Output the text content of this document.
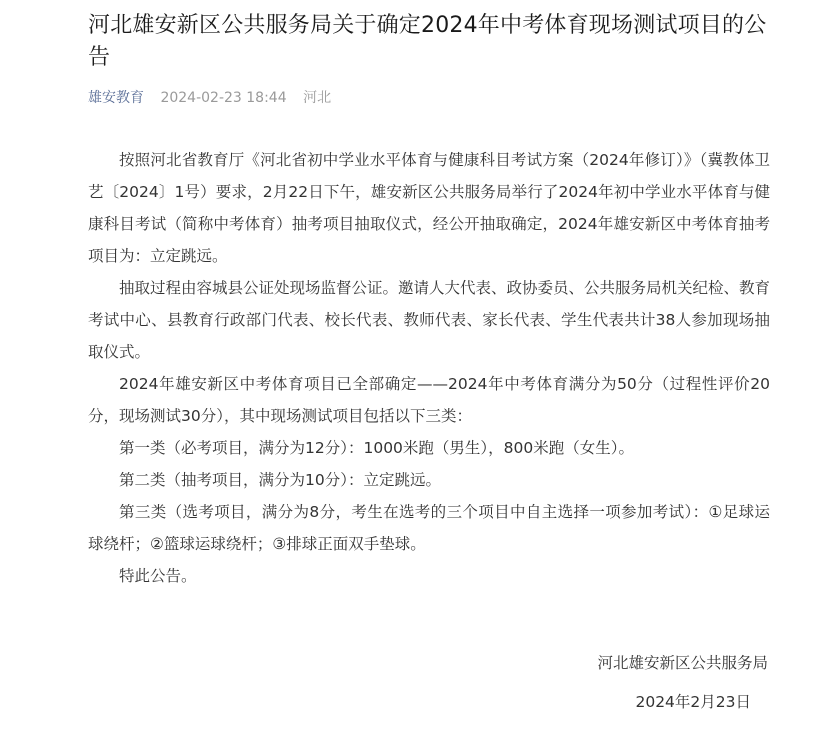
河北雄安新区公共服务局关于确定2024年中考体育现场测试项目的公告
雄安教育 2024-02-23 18:44 河北

按照河北省教育厅《河北省初中学业水平体育与健康科目考试方案（2024年修订）》（冀教体卫艺〔2024〕1号）要求，2月22日下午，雄安新区公共服务局举行了2024年初中学业水平体育与健康科目考试（简称中考体育）抽考项目抽取仪式，经公开抽取确定，2024年雄安新区中考体育抽考项目为：立定跳远。

抽取过程由容城县公证处现场监督公证。邀请人大代表、政协委员、公共服务局机关纪检、教育考试中心、县教育行政部门代表、校长代表、教师代表、家长代表、学生代表共计38人参加现场抽取仪式。

2024年雄安新区中考体育项目已全部确定——2024年中考体育满分为50分（过程性评价20分，现场测试30分），其中现场测试项目包括以下三类：

第一类（必考项目，满分为12分）：1000米跑（男生），800米跑（女生）。

第二类（抽考项目，满分为10分）：立定跳远。

第三类（选考项目，满分为8分，考生在选考的三个项目中自主选择一项参加考试）：①足球运球绕杆；②篮球运球绕杆；③排球正面双手垫球。

特此公告。

河北雄安新区公共服务局
2024年2月23日
